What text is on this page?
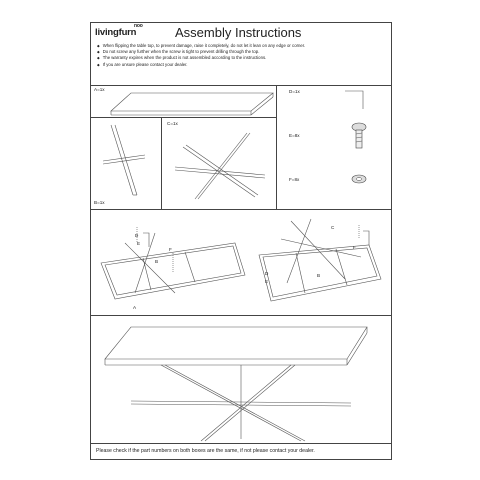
livingfurn
noo Assembly Instructions
◆ When flipping the table top, to prevent damage, raise it completely, do not let it lean on any edge or corner.
◆ Do not screw any further when the screw is tight to prevent drilling through the top.
◆ The warranty expires when the product is not assembled according to the instructions.
◆ If you are unsure please contact your dealer.
A=1x
B=1x
C=1x
D=1x
E=8x
F=8x
A
B
D
E
F
C
B
D
E
F
Please check if the part numbers on both boxes are the same, if not please contact your dealer.
